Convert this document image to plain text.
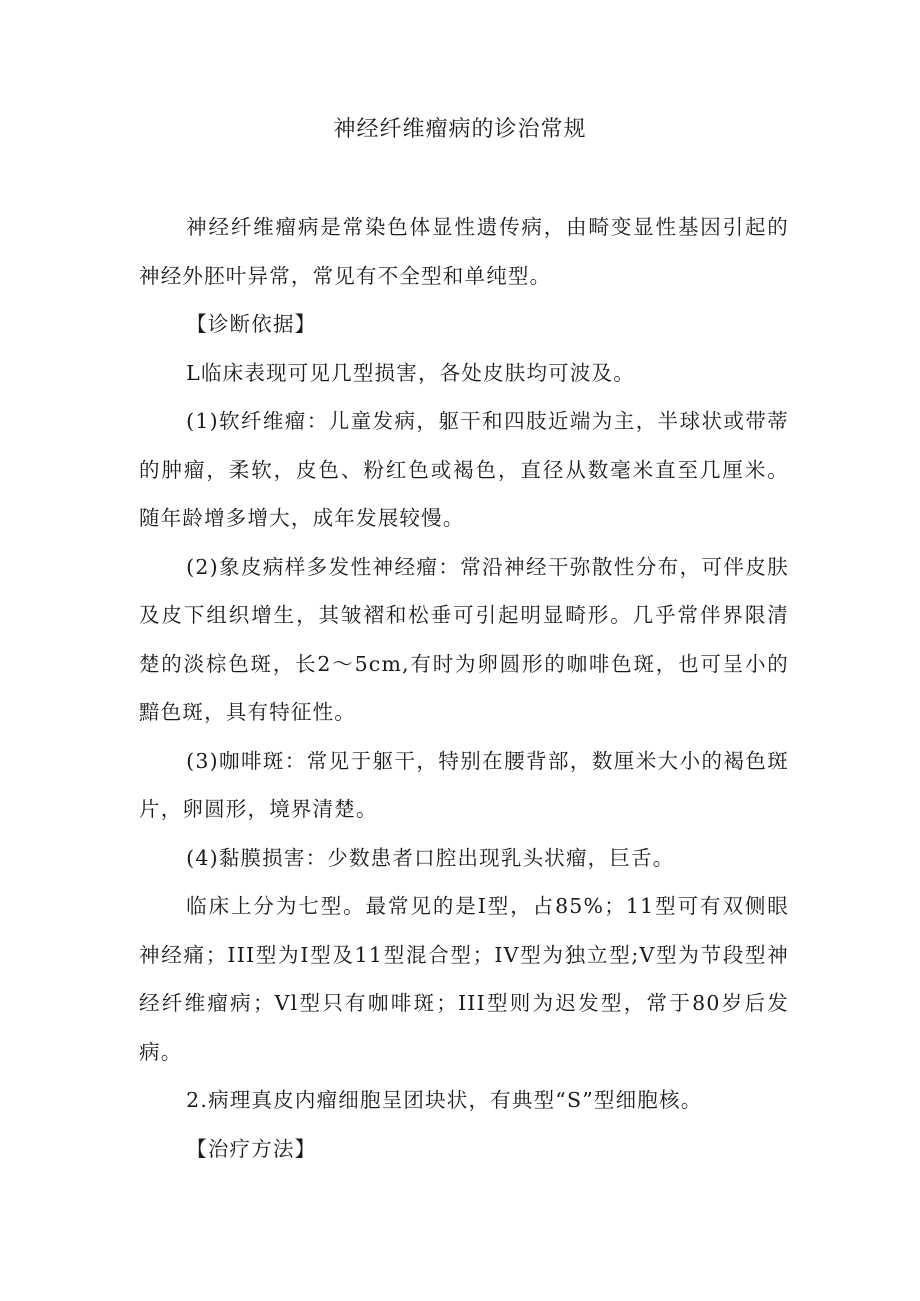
神经纤维瘤病的诊治常规

神经纤维瘤病是常染色体显性遗传病，由畸变显性基因引起的神经外胚叶异常，常见有不全型和单纯型。

【诊断依据】

L临床表现可见几型损害，各处皮肤均可波及。

(1)软纤维瘤：儿童发病，躯干和四肢近端为主，半球状或带蒂的肿瘤，柔软，皮色、粉红色或褐色，直径从数毫米直至几厘米。随年龄增多增大，成年发展较慢。

(2)象皮病样多发性神经瘤：常沿神经干弥散性分布，可伴皮肤及皮下组织增生，其皱褶和松垂可引起明显畸形。几乎常伴界限清楚的淡棕色斑，长2～5cm,有时为卵圆形的咖啡色斑，也可呈小的黯色斑，具有特征性。

(3)咖啡斑：常见于躯干，特别在腰背部，数厘米大小的褐色斑片，卵圆形，境界清楚。

(4)黏膜损害：少数患者口腔出现乳头状瘤，巨舌。

临床上分为七型。最常见的是I型，占85%；11型可有双侧眼神经痛；III型为I型及11型混合型；IV型为独立型;V型为节段型神经纤维瘤病；Vl型只有咖啡斑；III型则为迟发型，常于80岁后发病。

2.病理真皮内瘤细胞呈团块状，有典型“S”型细胞核。

【治疗方法】
